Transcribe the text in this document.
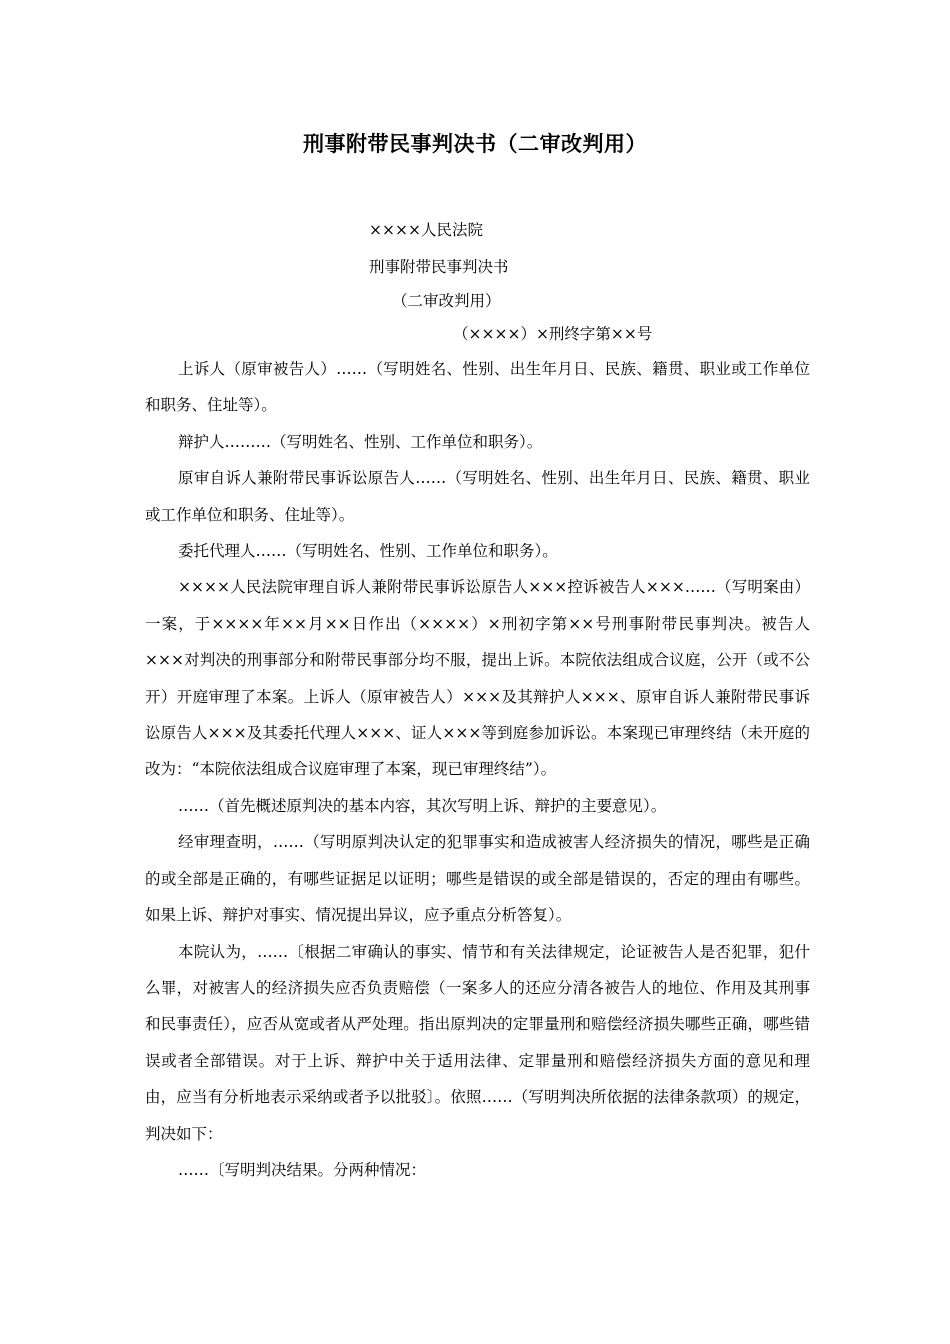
刑事附带民事判决书（二审改判用）

××××人民法院

刑事附带民事判决书

（二审改判用）

（××××）×刑终字第××号

上诉人（原审被告人）……（写明姓名、性别、出生年月日、民族、籍贯、职业或工作单位和职务、住址等）。

辩护人………（写明姓名、性别、工作单位和职务）。

原审自诉人兼附带民事诉讼原告人……（写明姓名、性别、出生年月日、民族、籍贯、职业或工作单位和职务、住址等）。

委托代理人……（写明姓名、性别、工作单位和职务）。

××××人民法院审理自诉人兼附带民事诉讼原告人×××控诉被告人×××……（写明案由）一案，于××××年××月××日作出（××××）×刑初字第××号刑事附带民事判决。被告人×××对判决的刑事部分和附带民事部分均不服，提出上诉。本院依法组成合议庭，公开（或不公开）开庭审理了本案。上诉人（原审被告人）×××及其辩护人×××、原审自诉人兼附带民事诉讼原告人×××及其委托代理人×××、证人×××等到庭参加诉讼。本案现已审理终结（未开庭的改为：“本院依法组成合议庭审理了本案，现已审理终结”）。

……（首先概述原判决的基本内容，其次写明上诉、辩护的主要意见）。

经审理查明，……（写明原判决认定的犯罪事实和造成被害人经济损失的情况，哪些是正确的或全部是正确的，有哪些证据足以证明；哪些是错误的或全部是错误的，否定的理由有哪些。如果上诉、辩护对事实、情况提出异议，应予重点分析答复）。

本院认为，……〔根据二审确认的事实、情节和有关法律规定，论证被告人是否犯罪，犯什么罪，对被害人的经济损失应否负责赔偿（一案多人的还应分清各被告人的地位、作用及其刑事和民事责任），应否从宽或者从严处理。指出原判决的定罪量刑和赔偿经济损失哪些正确，哪些错误或者全部错误。对于上诉、辩护中关于适用法律、定罪量刑和赔偿经济损失方面的意见和理由，应当有分析地表示采纳或者予以批驳〕。依照……（写明判决所依据的法律条款项）的规定，判决如下：

……〔写明判决结果。分两种情况：
